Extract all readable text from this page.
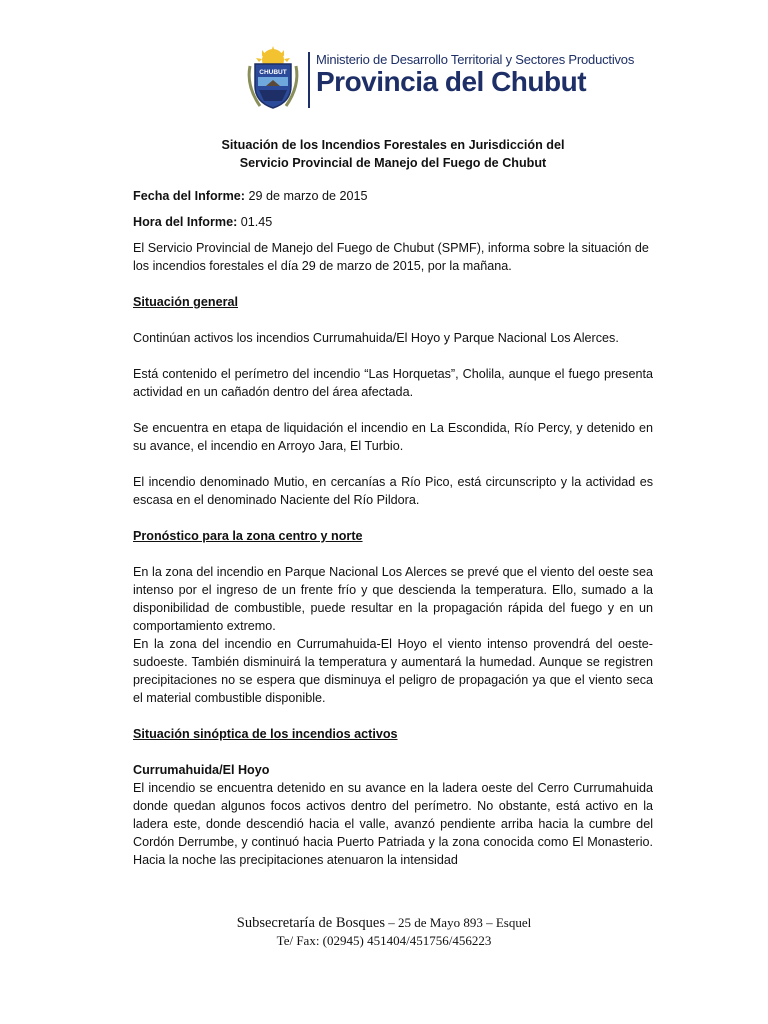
CHUBUT
Ministerio de Desarrollo Territorial y Sectores Productivos
Provincia del Chubut

Situación de los Incendios Forestales en Jurisdicción del

Servicio Provincial de Manejo del Fuego de Chubut

Fecha del Informe: 29 de marzo de 2015

Hora del Informe: 01.45

El Servicio Provincial de Manejo del Fuego de Chubut (SPMF), informa sobre la situación de los incendios forestales el día 29 de marzo de 2015, por la mañana.

Situación general

Continúan activos los incendios Currumahuida/El Hoyo y Parque Nacional Los Alerces.

Está contenido el perímetro del incendio “Las Horquetas”, Cholila, aunque el fuego presenta actividad en un cañadón dentro del área afectada.

Se encuentra en etapa de liquidación el incendio en La Escondida, Río Percy, y detenido en su avance, el incendio en Arroyo Jara, El Turbio.

El incendio denominado Mutio, en cercanías a Río Pico, está circunscripto y la actividad es escasa en el denominado Naciente del Río Pildora.

Pronóstico para la zona centro y norte

En la zona del incendio en Parque Nacional Los Alerces se prevé que el viento del oeste sea intenso por el ingreso de un frente frío y que descienda la temperatura. Ello, sumado a la disponibilidad de combustible, puede resultar en la propagación rápida del fuego y en un comportamiento extremo.

En la zona del incendio en Currumahuida-El Hoyo el viento intenso provendrá del oeste-sudoeste. También disminuirá la temperatura y aumentará la humedad. Aunque se registren precipitaciones no se espera que disminuya el peligro de propagación ya que el viento seca el material combustible disponible.

Situación sinóptica de los incendios activos

Currumahuida/El Hoyo

El incendio se encuentra detenido en su avance en la ladera oeste del Cerro Currumahuida donde quedan algunos focos activos dentro del perímetro. No obstante, está activo en la ladera este, donde descendió hacia el valle, avanzó pendiente arriba hacia la cumbre del Cordón Derrumbe, y continuó hacia Puerto Patriada y la zona conocida como El Monasterio. Hacia la noche las precipitaciones atenuaron la intensidad

Subsecretaría de Bosques – 25 de Mayo 893 – Esquel
Te/ Fax: (02945) 451404/451756/456223
